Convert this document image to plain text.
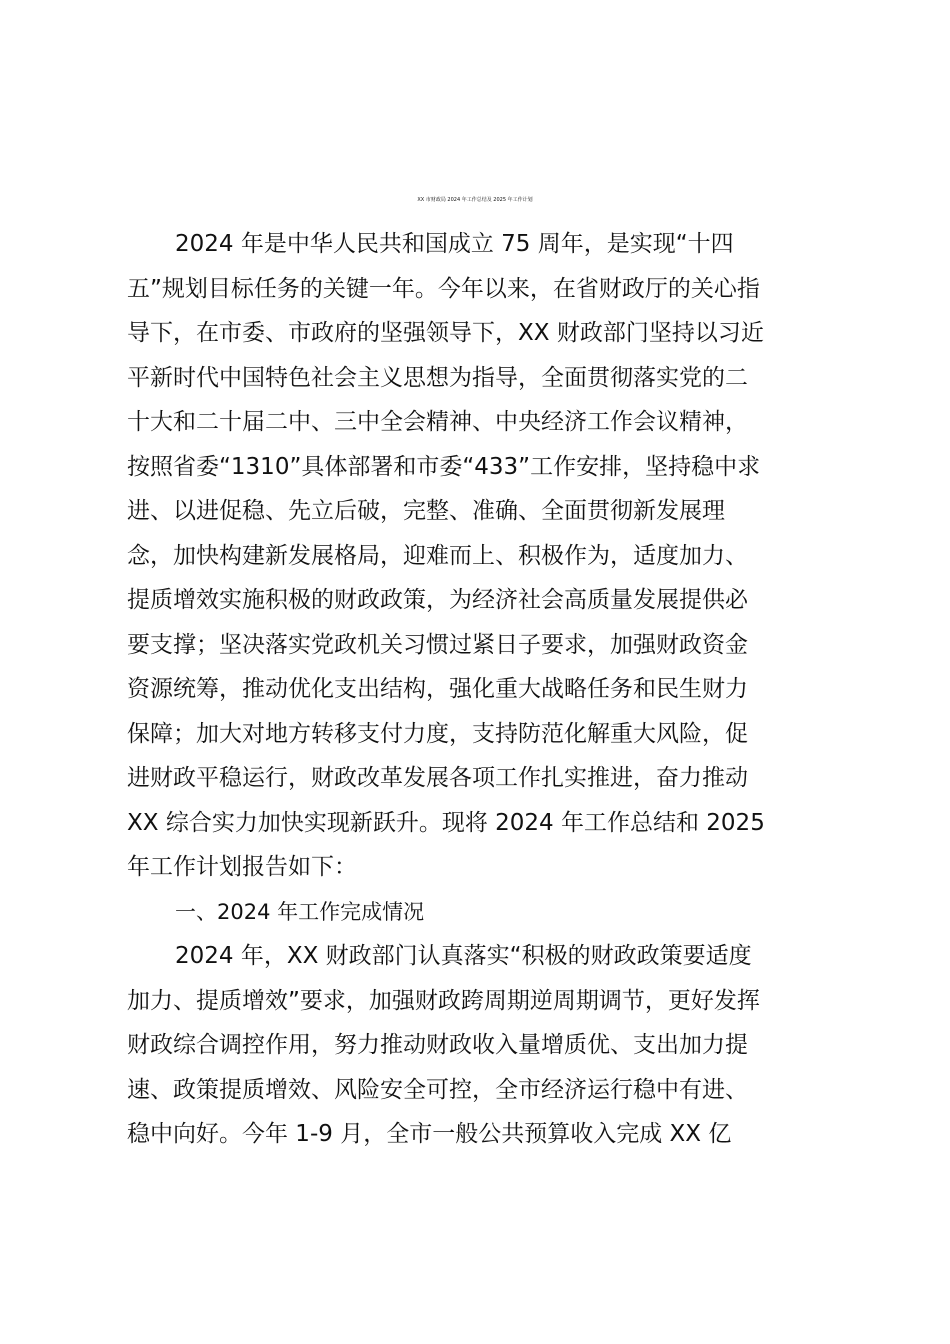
XX 市财政局 2024 年工作总结及 2025 年工作计划
2024 年是中华人民共和国成立 75 周年，是实现“十四
五”规划目标任务的关键一年。今年以来，在省财政厅的关心指
导下，在市委、市政府的坚强领导下，XX 财政部门坚持以习近
平新时代中国特色社会主义思想为指导，全面贯彻落实党的二
十大和二十届二中、三中全会精神、中央经济工作会议精神，
按照省委“1310”具体部署和市委“433”工作安排，坚持稳中求
进、以进促稳、先立后破，完整、准确、全面贯彻新发展理
念，加快构建新发展格局，迎难而上、积极作为，适度加力、
提质增效实施积极的财政政策，为经济社会高质量发展提供必
要支撑；坚决落实党政机关习惯过紧日子要求，加强财政资金
资源统筹，推动优化支出结构，强化重大战略任务和民生财力
保障；加大对地方转移支付力度，支持防范化解重大风险，促
进财政平稳运行，财政改革发展各项工作扎实推进，奋力推动
XX 综合实力加快实现新跃升。现将 2024 年工作总结和 2025
年工作计划报告如下：
一、2024 年工作完成情况
2024 年，XX 财政部门认真落实“积极的财政政策要适度
加力、提质增效”要求，加强财政跨周期逆周期调节，更好发挥
财政综合调控作用，努力推动财政收入量增质优、支出加力提
速、政策提质增效、风险安全可控，全市经济运行稳中有进、
稳中向好。今年 1-9 月，全市一般公共预算收入完成 XX 亿
